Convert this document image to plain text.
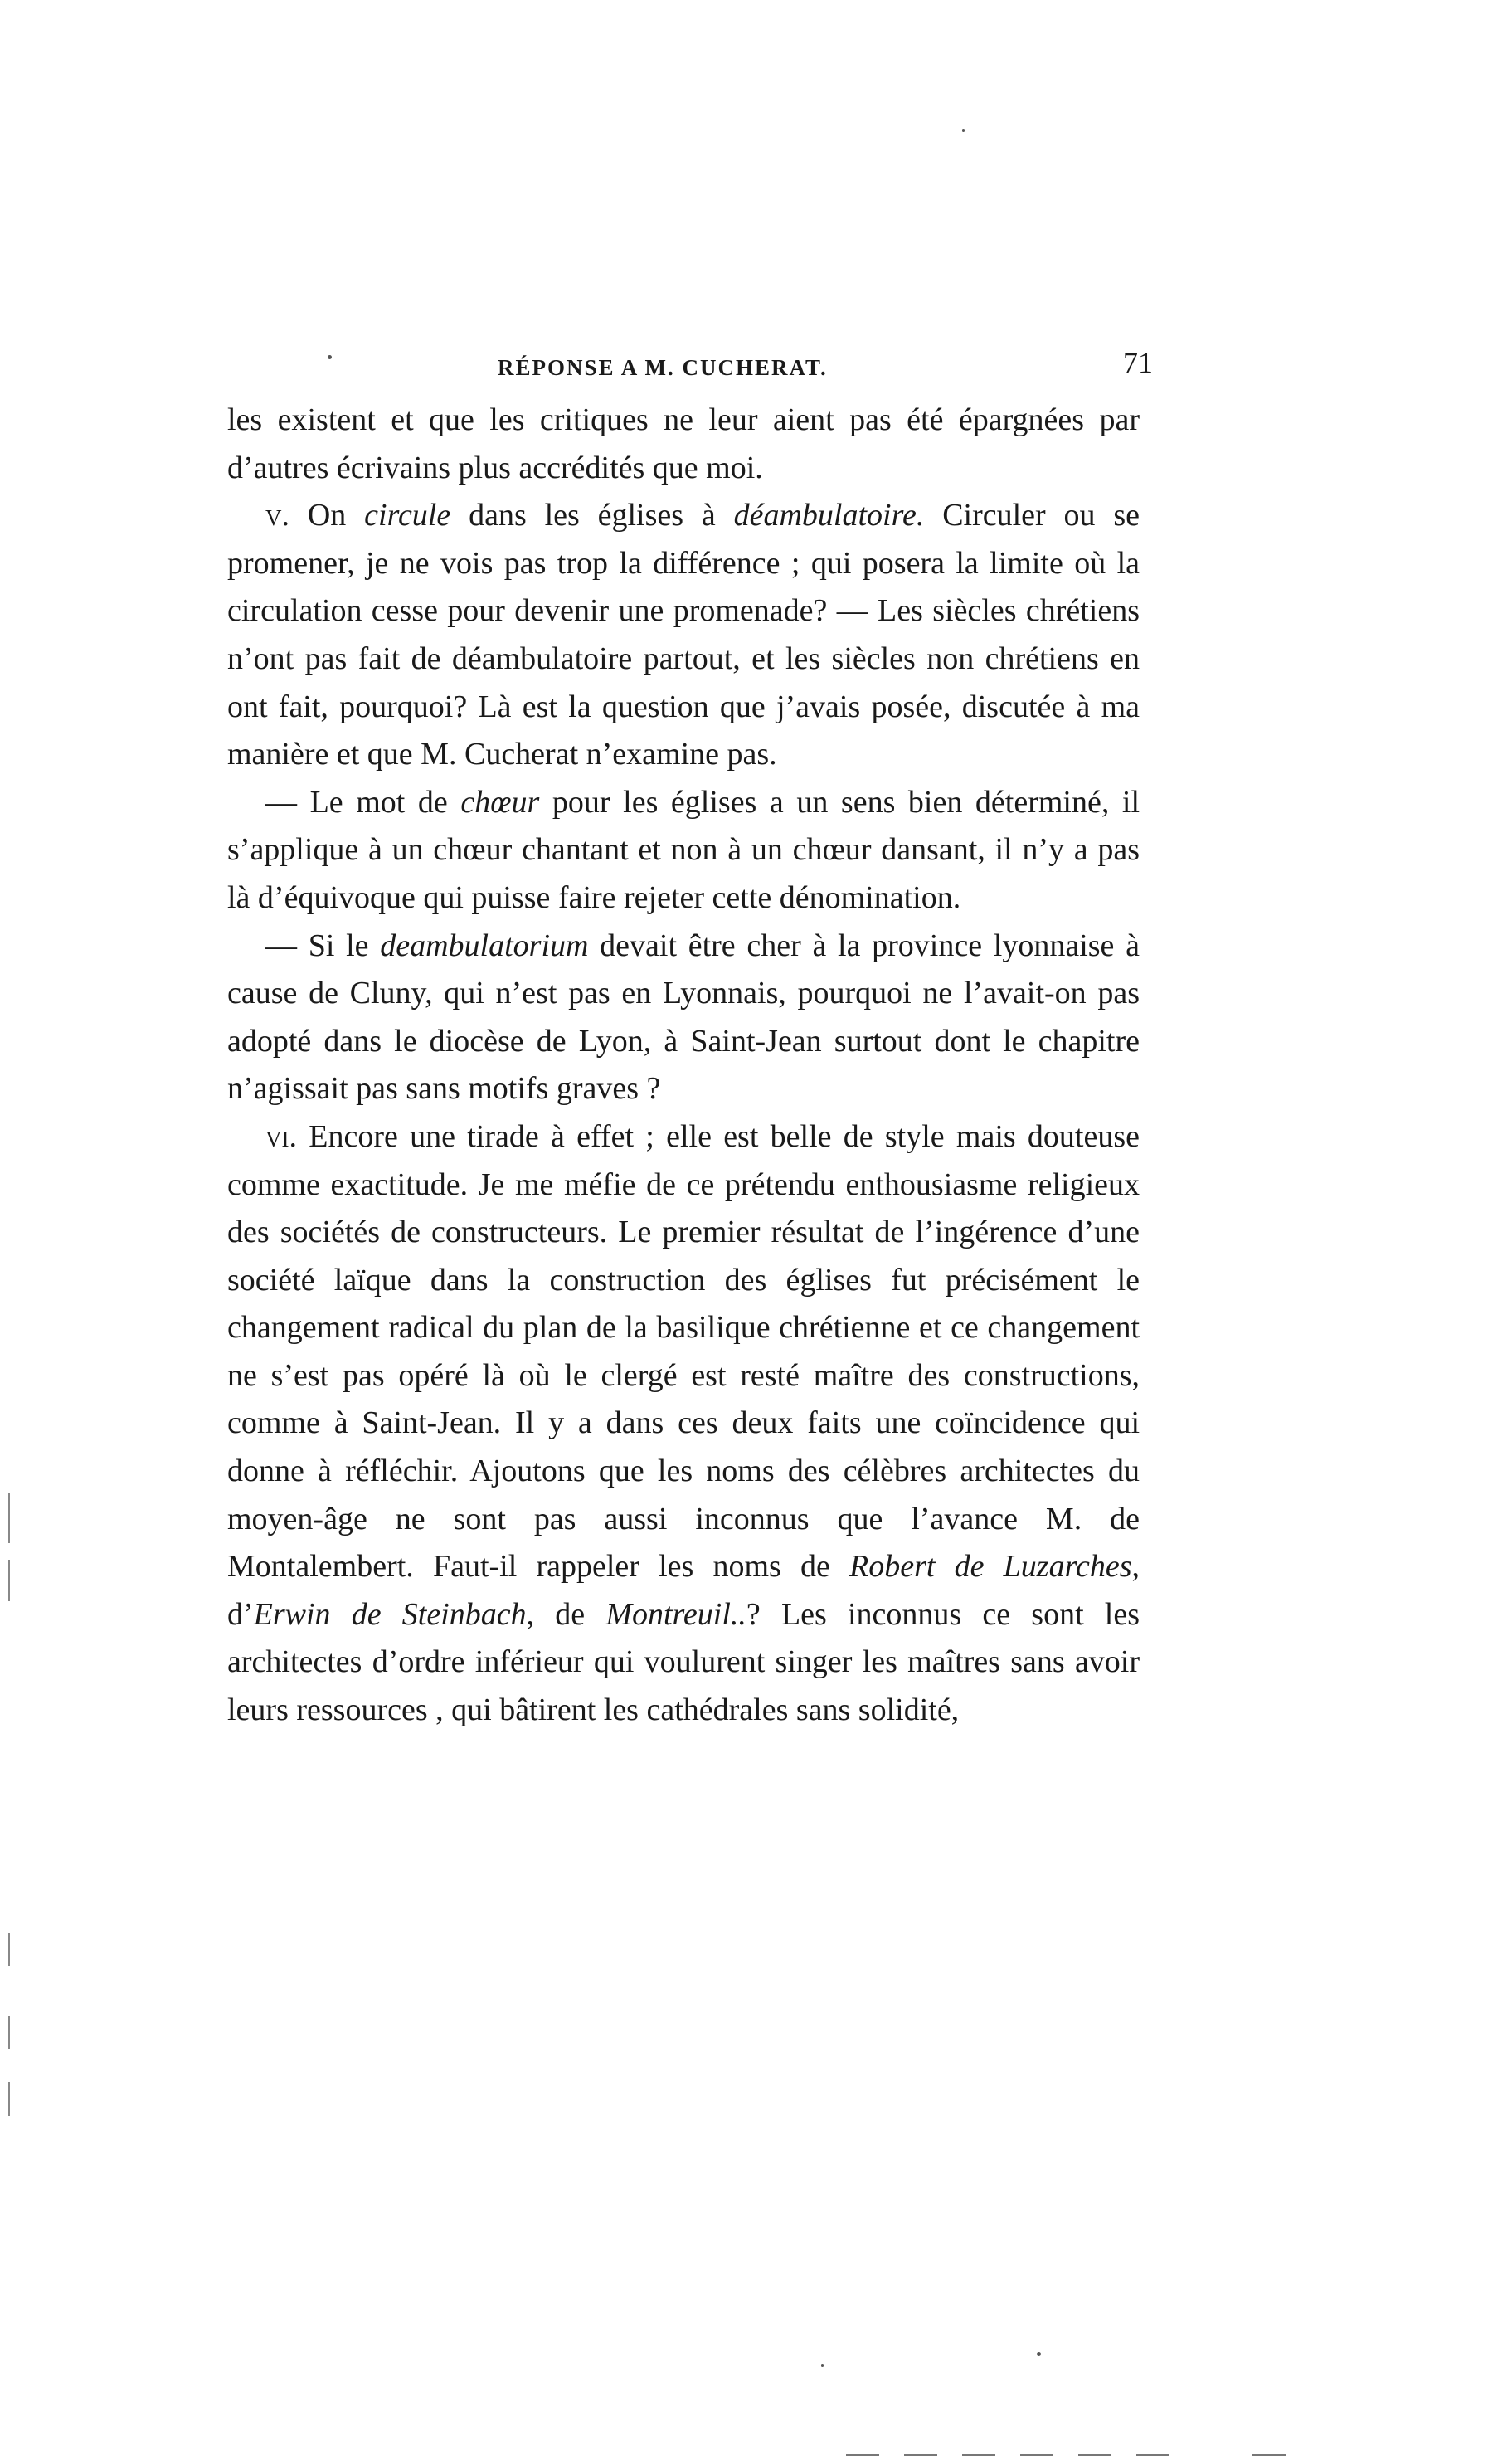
RÉPONSE A M. CUCHERAT.	71

les existent et que les critiques ne leur aient pas été épargnées par d’autres écrivains plus accrédités que moi.

v. On circule dans les églises à déambulatoire. Circuler ou se promener, je ne vois pas trop la différence ; qui posera la limite où la circulation cesse pour devenir une promenade? — Les siècles chrétiens n’ont pas fait de déambulatoire partout, et les siècles non chrétiens en ont fait, pourquoi? Là est la question que j’avais posée, discutée à ma manière et que M. Cucherat n’examine pas.

— Le mot de chœur pour les églises a un sens bien déterminé, il s’applique à un chœur chantant et non à un chœur dansant, il n’y a pas là d’équivoque qui puisse faire rejeter cette dénomination.

— Si le deambulatorium devait être cher à la province lyonnaise à cause de Cluny, qui n’est pas en Lyonnais, pourquoi ne l’avait-on pas adopté dans le diocèse de Lyon, à Saint-Jean surtout dont le chapitre n’agissait pas sans motifs graves ?

vi. Encore une tirade à effet ; elle est belle de style mais douteuse comme exactitude. Je me méfie de ce prétendu enthousiasme religieux des sociétés de constructeurs. Le premier résultat de l’ingérence d’une société laïque dans la construction des églises fut précisément le changement radical du plan de la basilique chrétienne et ce changement ne s’est pas opéré là où le clergé est resté maître des constructions, comme à Saint-Jean. Il y a dans ces deux faits une coïncidence qui donne à réfléchir. Ajoutons que les noms des célèbres architectes du moyen-âge ne sont pas aussi inconnus que l’avance M. de Montalembert. Faut-il rappeler les noms de Robert de Luzarches, d’Erwin de Steinbach, de Montreuil..? Les inconnus ce sont les architectes d’ordre inférieur qui voulurent singer les maîtres sans avoir leurs ressources , qui bâtirent les cathédrales sans solidité,
